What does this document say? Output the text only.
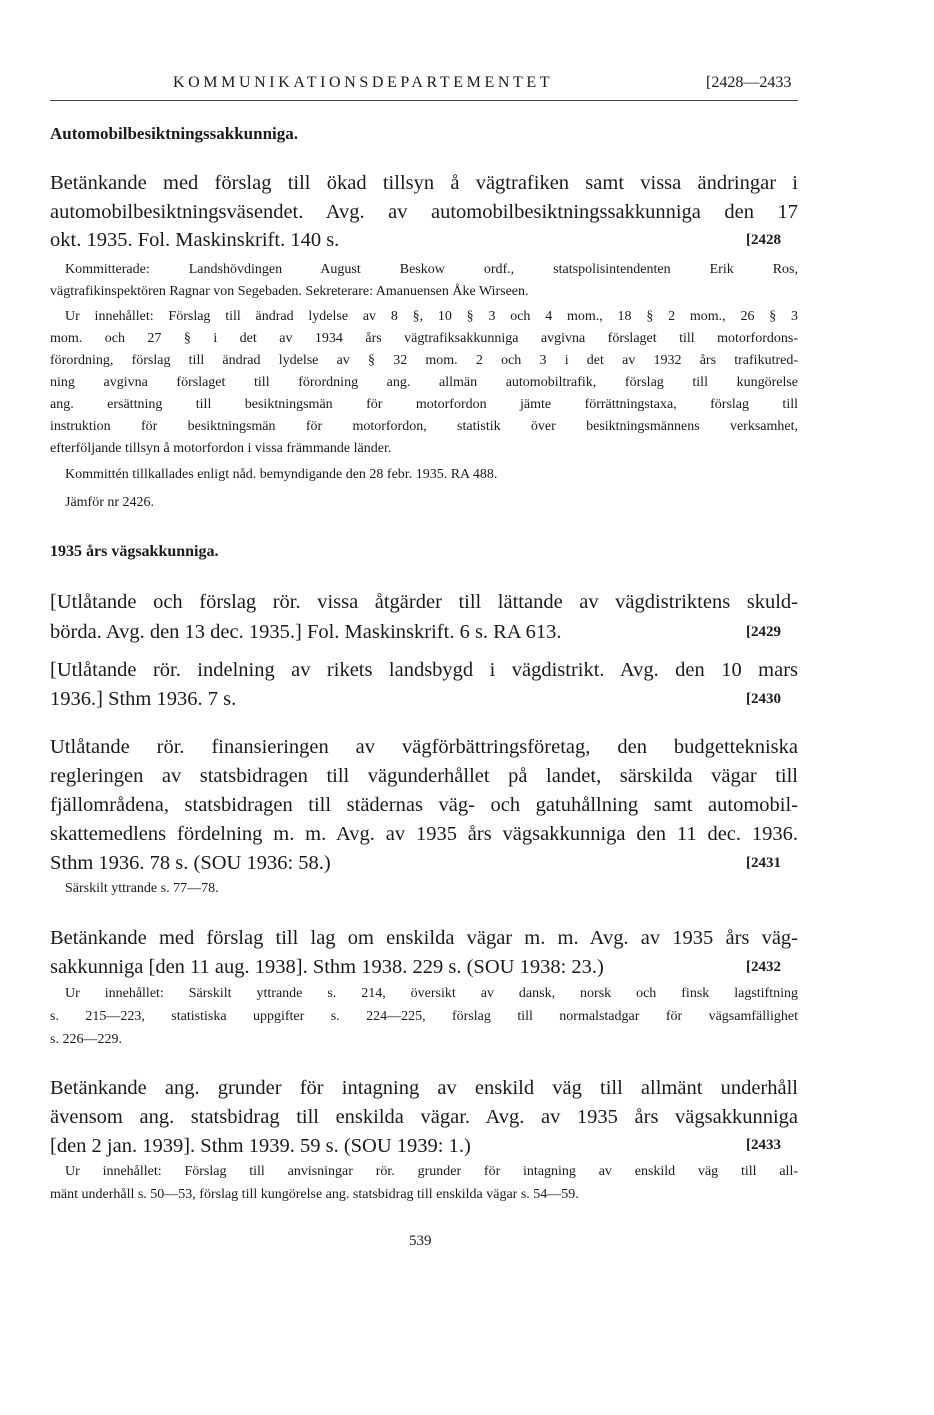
KOMMUNIKATIONSDEPARTEMENTET	[2428—2433
Automobilbesiktningssakkunniga.
Betänkande med förslag till ökad tillsyn å vägtrafiken samt vissa ändringar i
automobilbesiktningsväsendet. Avg. av automobilbesiktningssakkunniga den 17
okt. 1935. Fol. Maskinskrift. 140 s.	[2428
Kommitterade: Landshövdingen August Beskow ordf., statspolisintendenten Erik Ros,
vägtrafikinspektören Ragnar von Segebaden. Sekreterare: Amanuensen Åke Wirseen.
Ur innehållet: Förslag till ändrad lydelse av 8 §, 10 § 3 och 4 mom., 18 § 2 mom., 26 § 3
mom. och 27 § i det av 1934 års vägtrafiksakkunniga avgivna förslaget till motorfordons-
förordning, förslag till ändrad lydelse av § 32 mom. 2 och 3 i det av 1932 års trafikutred-
ning avgivna förslaget till förordning ang. allmän automobiltrafik, förslag till kungörelse
ang. ersättning till besiktningsmän för motorfordon jämte förrättningstaxa, förslag till
instruktion för besiktningsmän för motorfordon, statistik över besiktningsmännens verksamhet,
efterföljande tillsyn å motorfordon i vissa främmande länder.
Kommittén tillkallades enligt nåd. bemyndigande den 28 febr. 1935. RA 488.
Jämför nr 2426.
1935 års vägsakkunniga.
[Utlåtande och förslag rör. vissa åtgärder till lättande av vägdistriktens skuld-
börda. Avg. den 13 dec. 1935.] Fol. Maskinskrift. 6 s. RA 613.	[2429
[Utlåtande rör. indelning av rikets landsbygd i vägdistrikt. Avg. den 10 mars
1936.] Sthm 1936. 7 s.	[2430
Utlåtande rör. finansieringen av vägförbättringsföretag, den budgettekniska
regleringen av statsbidragen till vägunderhållet på landet, särskilda vägar till
fjällområdena, statsbidragen till städernas väg- och gatuhållning samt automobil-
skattemedlens fördelning m. m. Avg. av 1935 års vägsakkunniga den 11 dec. 1936.
Sthm 1936. 78 s. (SOU 1936: 58.)	[2431
Särskilt yttrande s. 77—78.
Betänkande med förslag till lag om enskilda vägar m. m. Avg. av 1935 års väg-
sakkunniga [den 11 aug. 1938]. Sthm 1938. 229 s. (SOU 1938: 23.)	[2432
Ur innehållet: Särskilt yttrande s. 214, översikt av dansk, norsk och finsk lagstiftning
s. 215—223, statistiska uppgifter s. 224—225, förslag till normalstadgar för vägsamfällighet
s. 226—229.
Betänkande ang. grunder för intagning av enskild väg till allmänt underhåll
ävensom ang. statsbidrag till enskilda vägar. Avg. av 1935 års vägsakkunniga
[den 2 jan. 1939]. Sthm 1939. 59 s. (SOU 1939: 1.)	[2433
Ur innehållet: Förslag till anvisningar rör. grunder för intagning av enskild väg till all-
mänt underhåll s. 50—53, förslag till kungörelse ang. statsbidrag till enskilda vägar s. 54—59.
539
